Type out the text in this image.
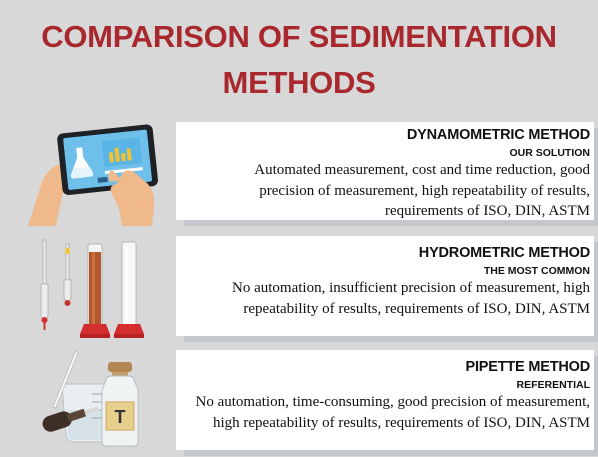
COMPARISON OF SEDIMENTATION
METHODS
T
DYNAMOMETRIC METHOD
OUR SOLUTION
Automated measurement, cost and time reduction, good precision of measurement, high repeatability of results, requirements of ISO, DIN, ASTM
HYDROMETRIC METHOD
THE MOST COMMON
No automation, insufficient precision of measurement, high repeatability of results, requirements of ISO, DIN, ASTM
PIPETTE METHOD
REFERENTIAL
No automation, time-consuming, good precision of measurement, high repeatability of results, requirements of ISO, DIN, ASTM
